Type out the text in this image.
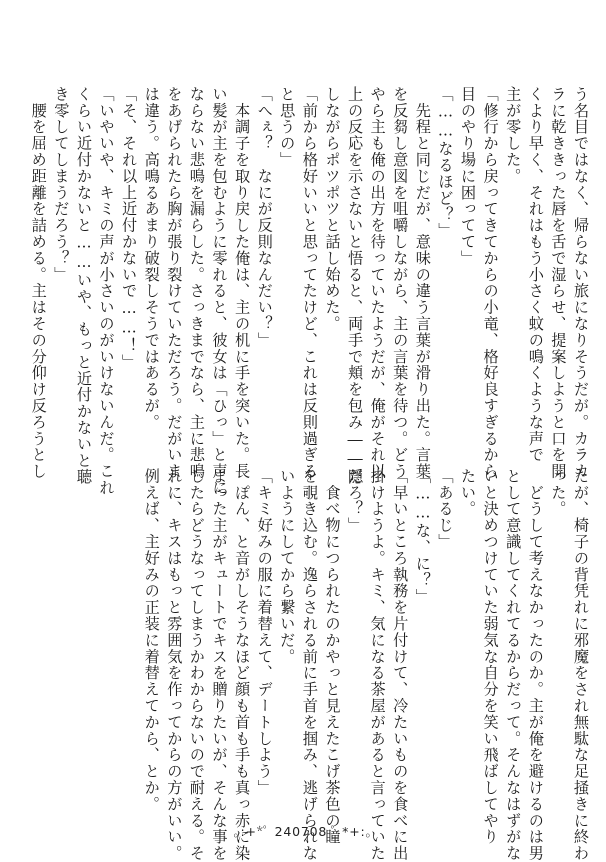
う名目ではなく、帰らない旅になりそうだが。カラカ
ラに乾ききった唇を舌で湿らせ、提案しようと口を開
くより早く、それはもう小さく蚊の鳴くような声で
主が零した。
「修行から戻ってきてからの小竜、格好良すぎるから
目のやり場に困ってて」
「……なるほど？」
　先程と同じだが、意味の違う言葉が滑り出た。言葉
を反芻し意図を咀嚼しながら、主の言葉を待つ。どう
やら主も俺の出方を待っていたようだが、俺がそれ以
上の反応を示さないと悟ると、両手で頬を包み――隠
しながらポツポツと話し始めた。
「前から格好いいと思ってたけど、これは反則過ぎる
と思うの」
「へぇ？　なにが反則なんだい？」
　本調子を取り戻した俺は、主の机に手を突いた。長
い髪が主を包むように零れると、彼女は「ひっ」と声に
ならない悲鳴を漏らした。さっきまでなら、主に悲鳴
をあげられたら胸が張り裂けていただろう。だがいま
は違う。高鳴るあまり破裂しそうではあるが。
「そ、それ以上近付かないで……！」
「いやいや、キミの声が小さいのがいけないんだ。これ
くらい近付かないと……いや、もっと近付かないと聴
き零してしまうだろう？」
　腰を屈め距離を詰める。主はその分仰け反ろうとし
たが、椅子の背凭れに邪魔をされ無駄な足掻きに終わ
った。
　どうして考えなかったのか。主が俺を避けるのは男
として意識してくれてるからだって。そんなはずがな
いと決めつけていた弱気な自分を笑い飛ばしてやり
たい。
「あるじ」
「……な、に？」
「早いところ執務を片付けて、冷たいものを食べに出
掛けようよ。キミ、気になる茶屋があると言っていた
だろ？」
　食べ物につられたのかやっと見えたこげ茶色の瞳
を覗き込む。逸らされる前に手首を掴み、逃げられな
いようにしてから繋いだ。
「キミ好みの服に着替えて、デートしよう」
　ぽん、と音がしそうなほど顔も首も手も真っ赤に染
まった主がキュートでキスを贈りたいが、そんな事を
したらどうなってしまうかわからないので耐える。そ
れに、キスはもっと雰囲気を作ってからの方がいい。
例えば、主好みの正装に着替えてから、とか。
｡:+*ﾟ 240708 ﾟ *+:｡
